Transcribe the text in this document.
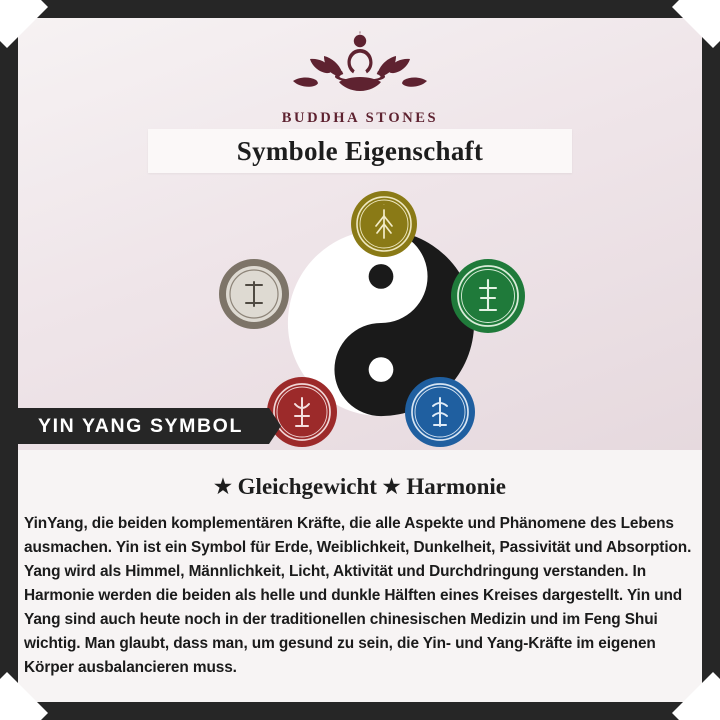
BUDDHA STONES
Symbole Eigenschaft
·
YIN YANG SYMBOL
★ Gleichgewicht ★ Harmonie
YinYang, die beiden komplementären Kräfte, die alle Aspekte und Phänomene des Lebens ausmachen. Yin ist ein Symbol für Erde, Weiblichkeit, Dunkelheit, Passivität und Absorption. Yang wird als Himmel, Männlichkeit, Licht, Aktivität und Durchdringung verstanden. In Harmonie werden die beiden als helle und dunkle Hälften eines Kreises dargestellt. Yin und Yang sind auch heute noch in der traditionellen chinesischen Medizin und im Feng Shui wichtig. Man glaubt, dass man, um gesund zu sein, die Yin- und Yang-Kräfte im eigenen Körper ausbalancieren muss.
